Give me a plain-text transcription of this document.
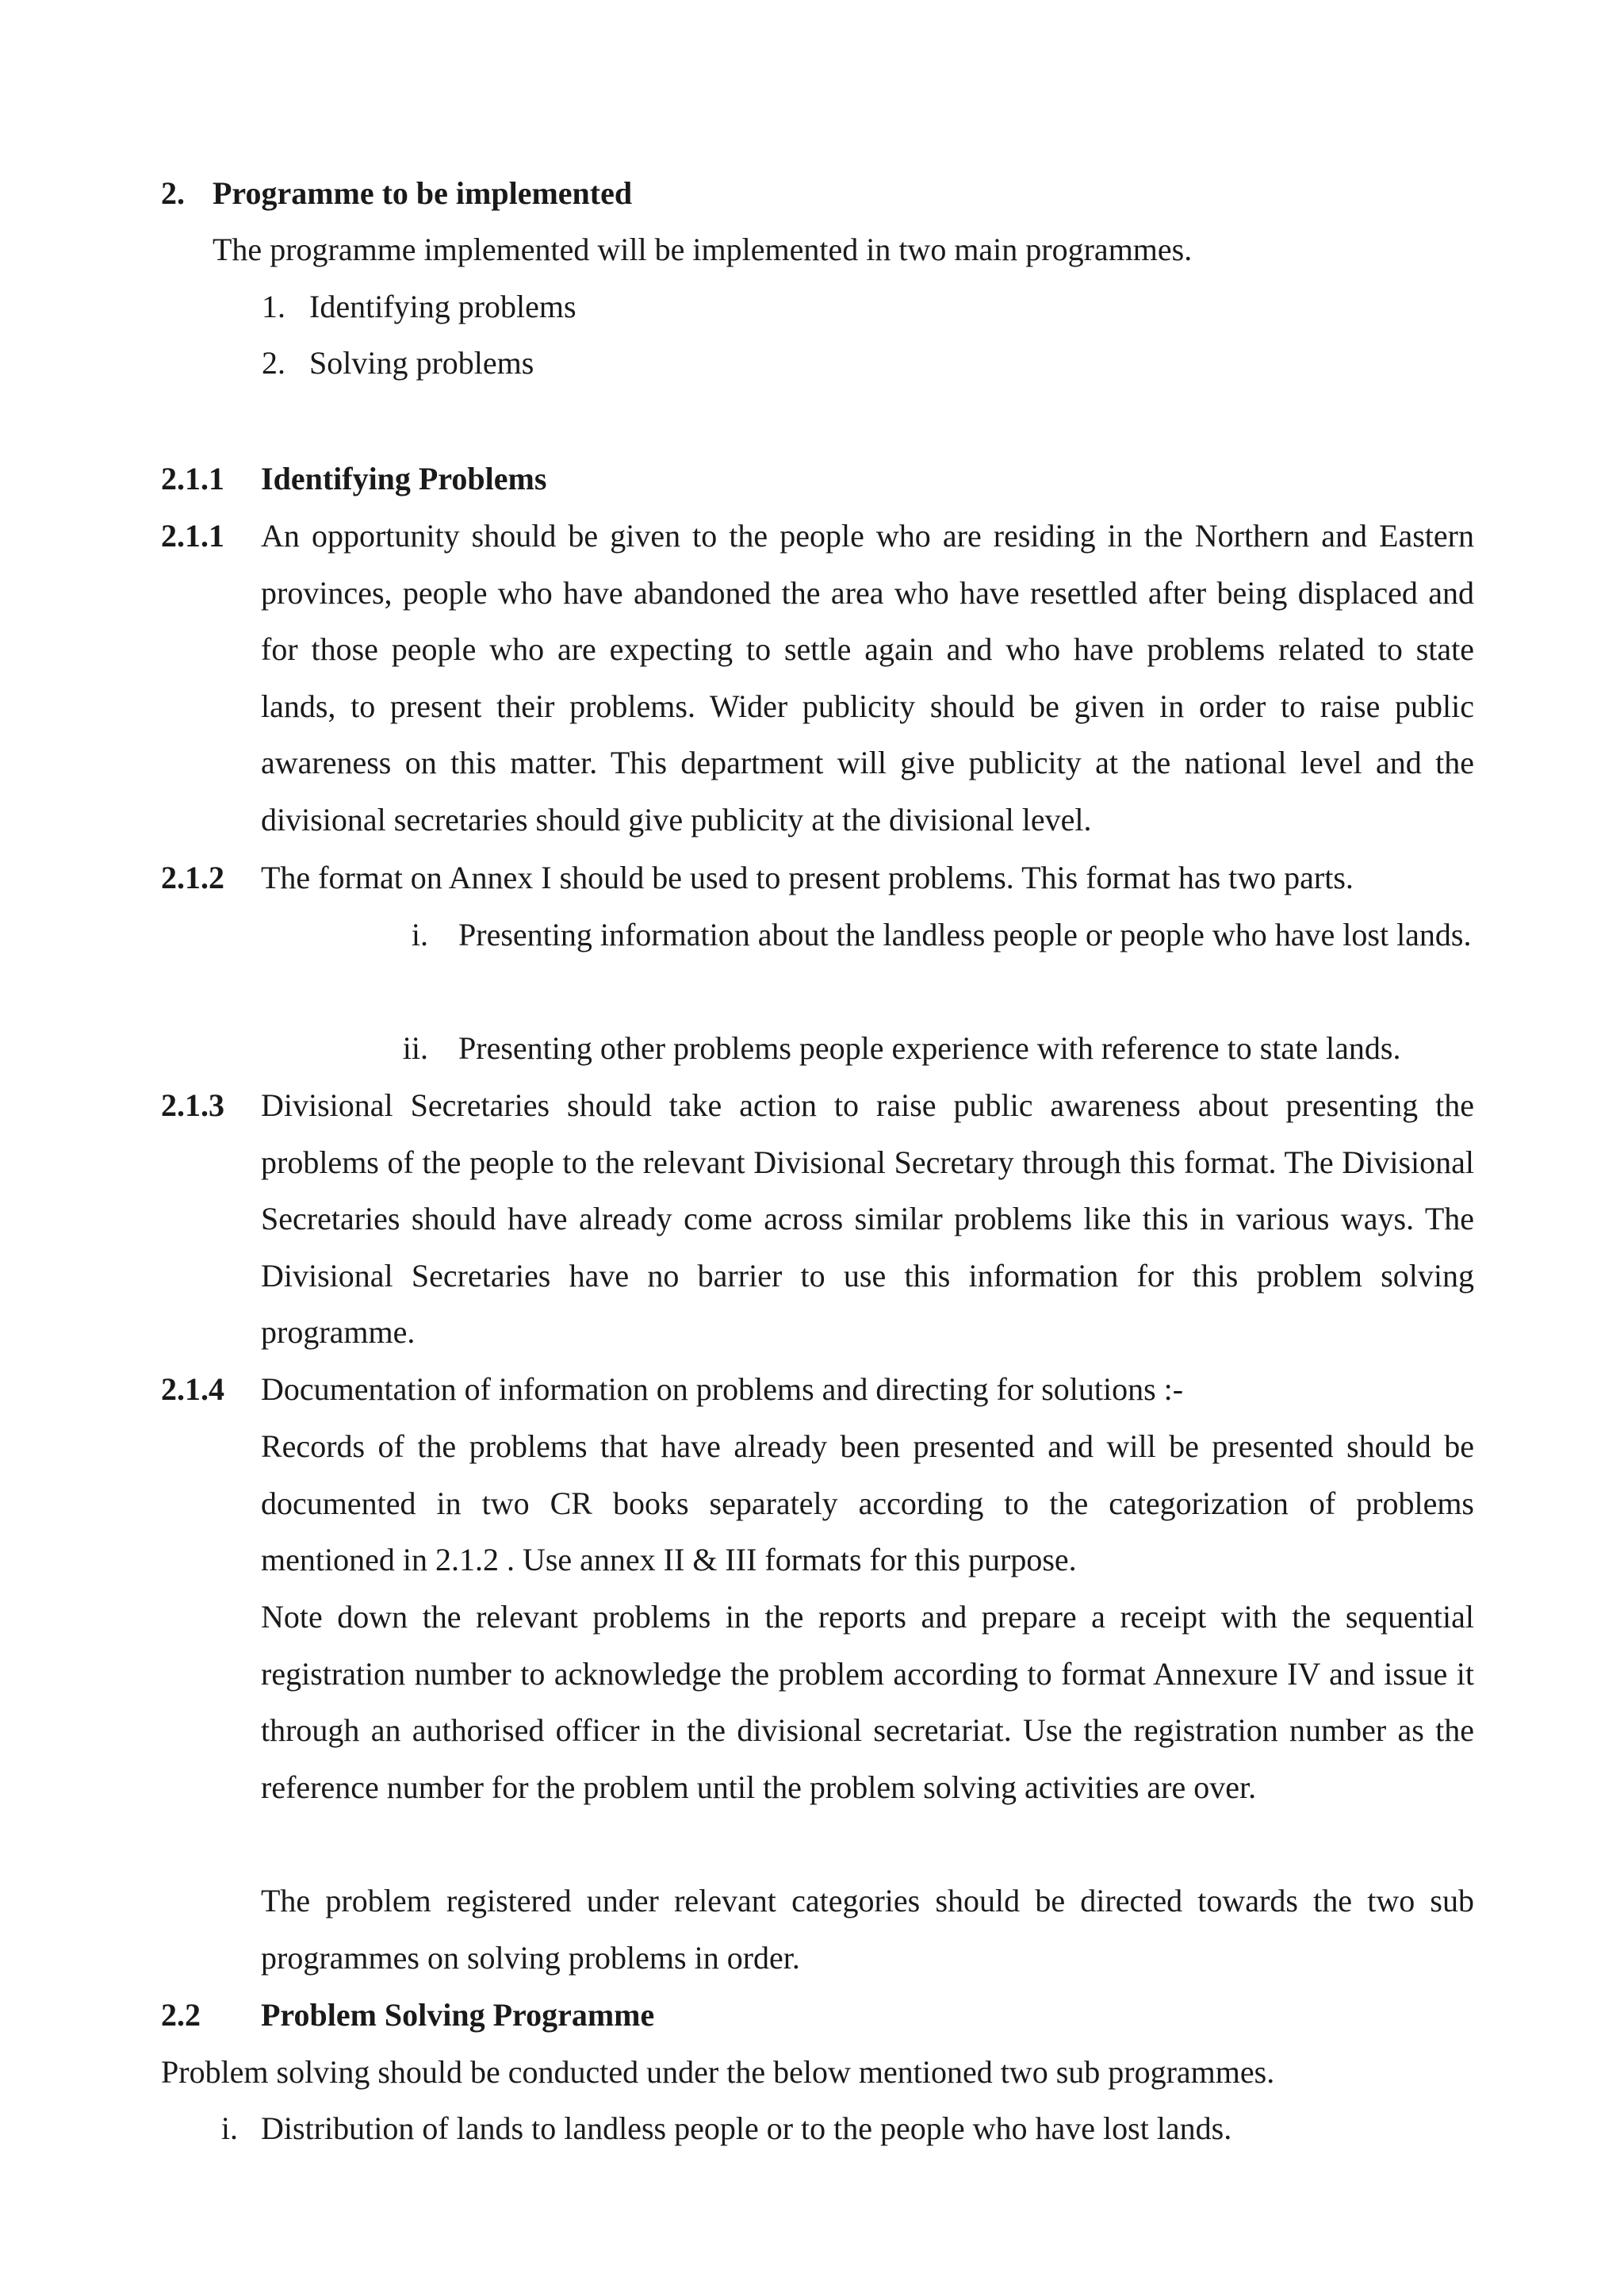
2. Programme to be implemented
The programme implemented will be implemented in two main programmes.
1. Identifying problems
2. Solving problems
2.1.1 Identifying Problems
2.1.1 An opportunity should be given to the people who are residing in the Northern and Eastern provinces, people who have abandoned the area who have resettled after being displaced and for those people who are expecting to settle again and who have problems related to state lands, to present their problems. Wider publicity should be given in order to raise public awareness on this matter. This department will give publicity at the national level and the divisional secretaries should give publicity at the divisional level.
2.1.2 The format on Annex I should be used to present problems. This format has two parts.
i. Presenting information about the landless people or people who have lost lands.
ii. Presenting other problems people experience with reference to state lands.
2.1.3 Divisional Secretaries should take action to raise public awareness about presenting the problems of the people to the relevant Divisional Secretary through this format. The Divisional Secretaries should have already come across similar problems like this in various ways. The Divisional Secretaries have no barrier to use this information for this problem solving programme.
2.1.4 Documentation of information on problems and directing for solutions :-
Records of the problems that have already been presented and will be presented should be documented in two CR books separately according to the categorization of problems mentioned in 2.1.2 . Use annex II & III formats for this purpose.
Note down the relevant problems in the reports and prepare a receipt with the sequential registration number to acknowledge the problem according to format Annexure IV and issue it through an authorised officer in the divisional secretariat. Use the registration number as the reference number for the problem until the problem solving activities are over.
The problem registered under relevant categories should be directed towards the two sub programmes on solving problems in order.
2.2 Problem Solving Programme
Problem solving should be conducted under the below mentioned two sub programmes.
i. Distribution of lands to landless people or to the people who have lost lands.
